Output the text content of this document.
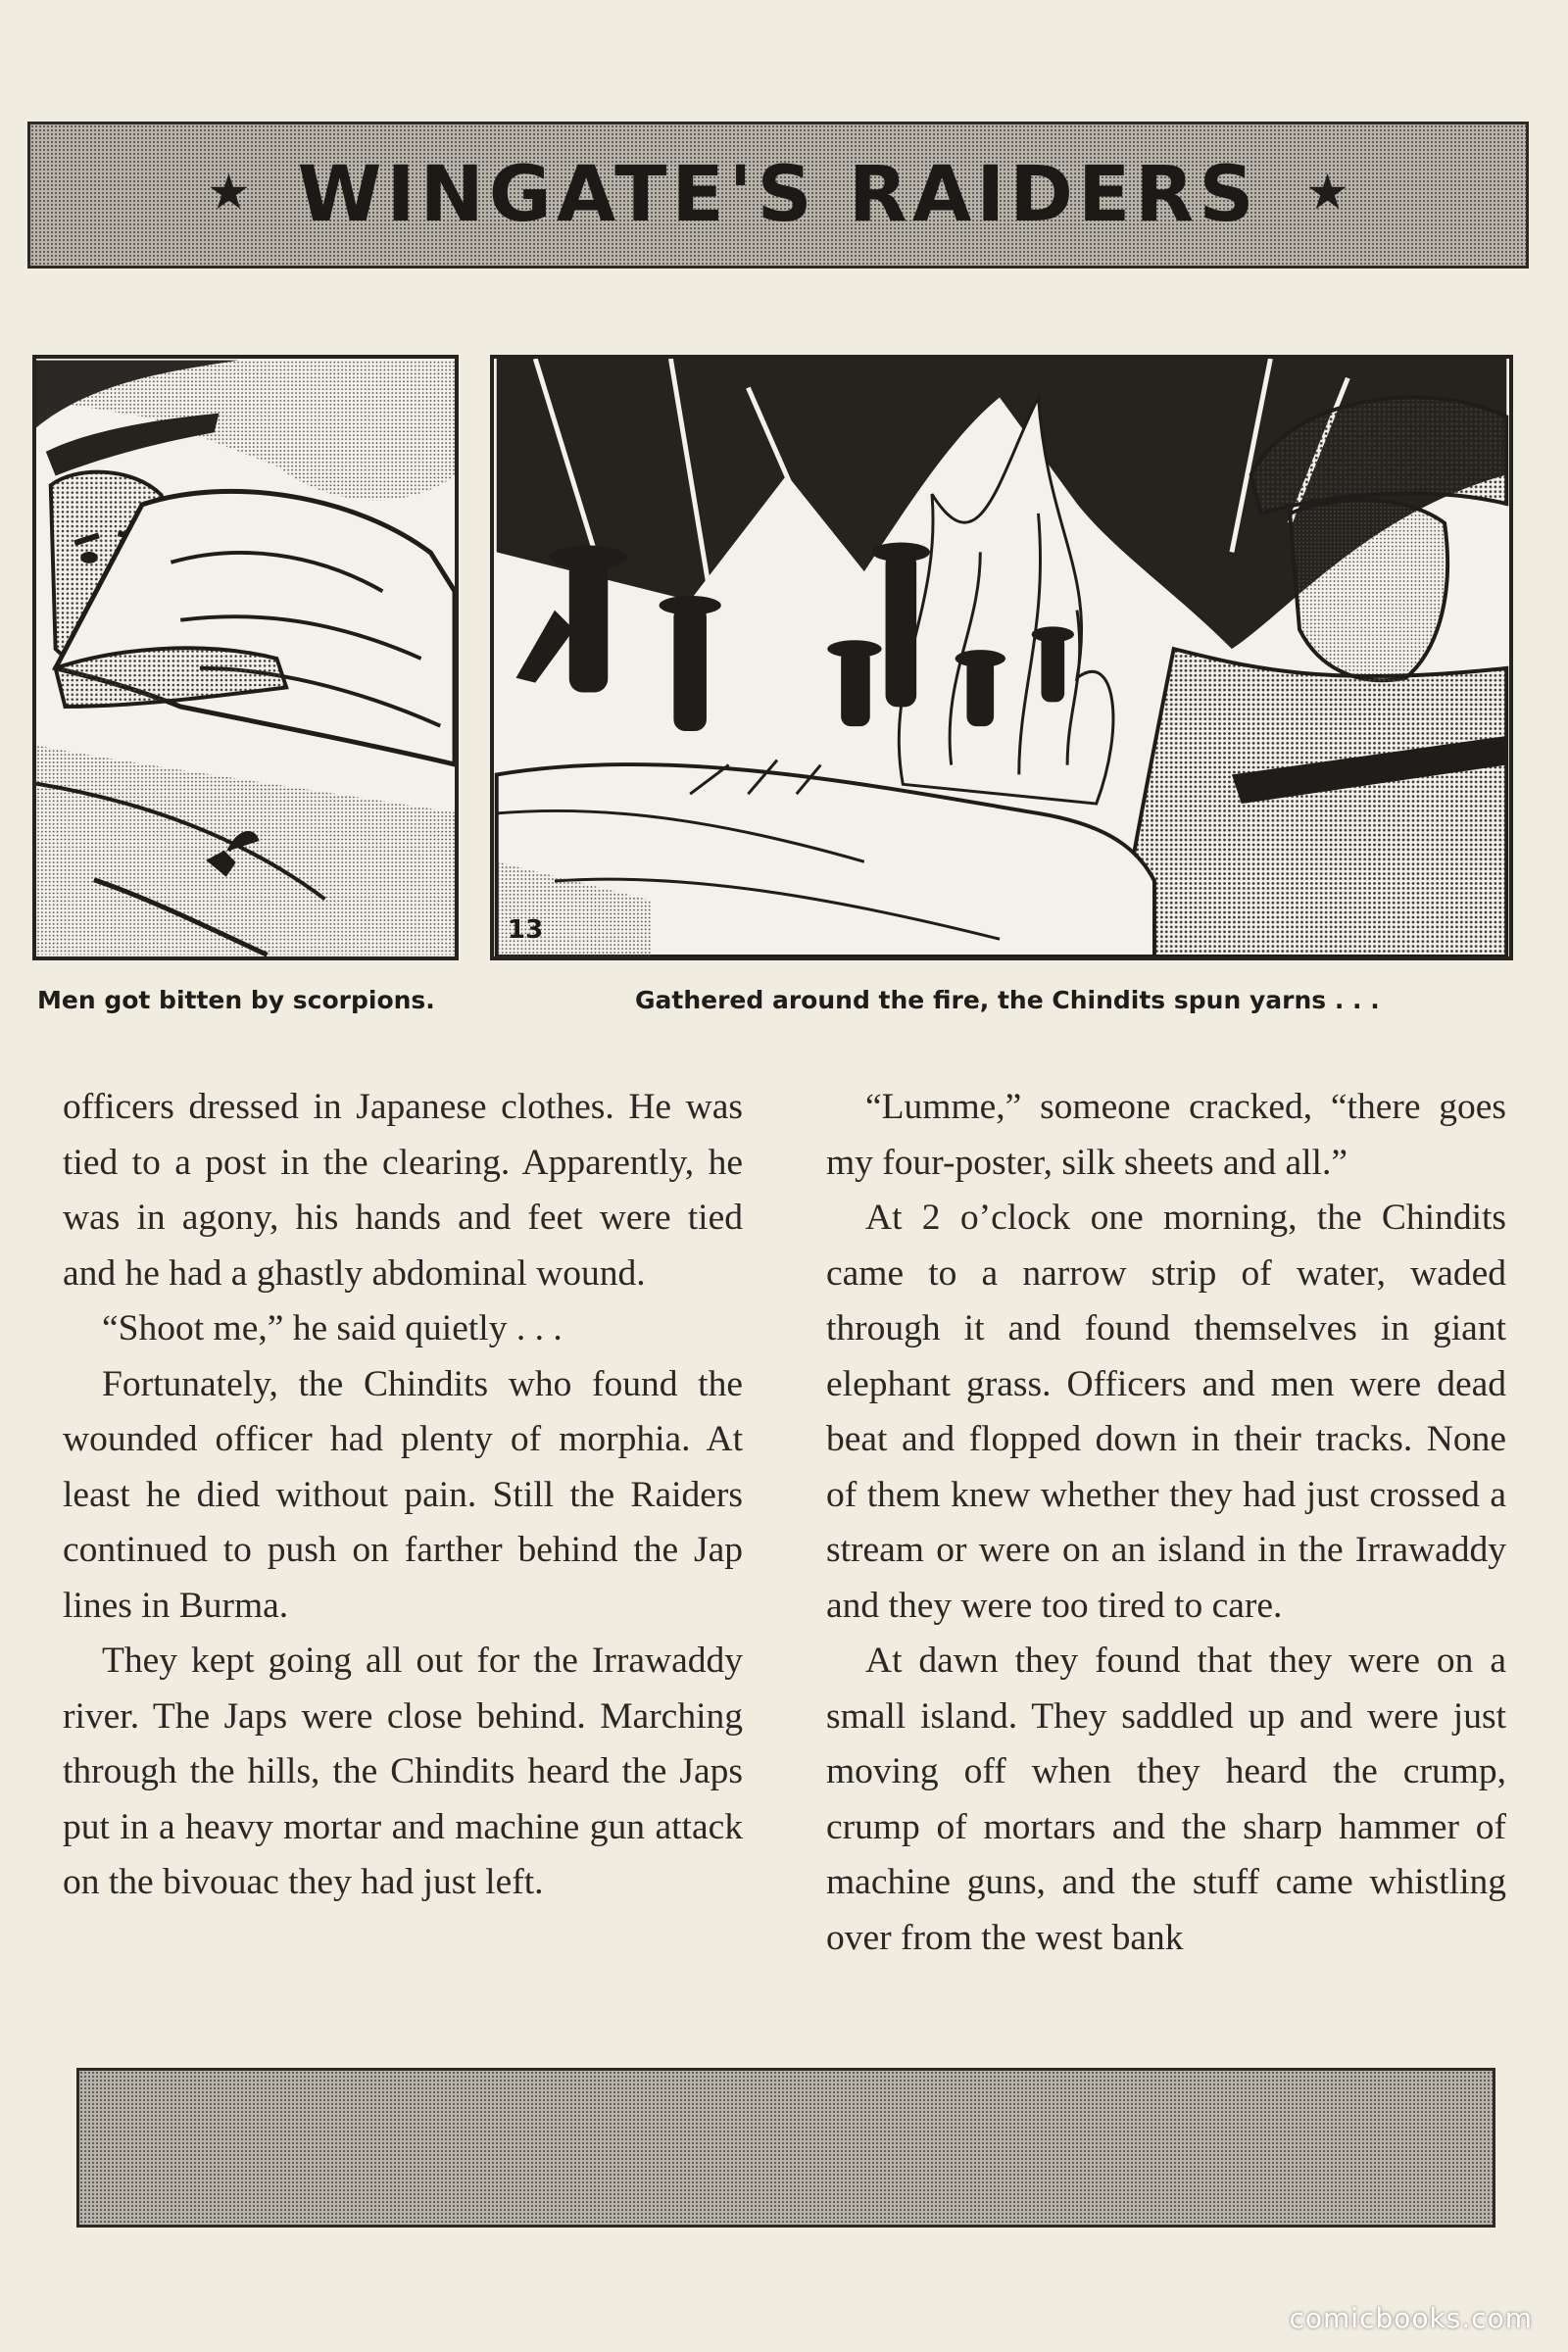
★ WINGATE'S RAIDERS ★
13
Men got bitten by scorpions.	Gathered around the fire, the Chindits spun yarns . . .

officers dressed in Japanese clothes. He was tied to a post in the clearing. Apparently, he was in agony, his hands and feet were tied and he had a ghastly abdominal wound.

“Shoot me,” he said quietly . . .

Fortunately, the Chindits who found the wounded officer had plenty of morphia. At least he died without pain. Still the Raiders continued to push on farther behind the Jap lines in Burma.

They kept going all out for the Irrawaddy river. The Japs were close behind. Marching through the hills, the Chindits heard the Japs put in a heavy mortar and machine gun attack on the bivouac they had just left.

“Lumme,” someone cracked, “there goes my four-poster, silk sheets and all.”

At 2 o’clock one morning, the Chindits came to a narrow strip of water, waded through it and found themselves in giant elephant grass. Officers and men were dead beat and flopped down in their tracks. None of them knew whether they had just crossed a stream or were on an island in the Irrawaddy and they were too tired to care.

At dawn they found that they were on a small island. They saddled up and were just moving off when they heard the crump, crump of mortars and the sharp hammer of machine guns, and the stuff came whistling over from the west bank

comicbooks.com
